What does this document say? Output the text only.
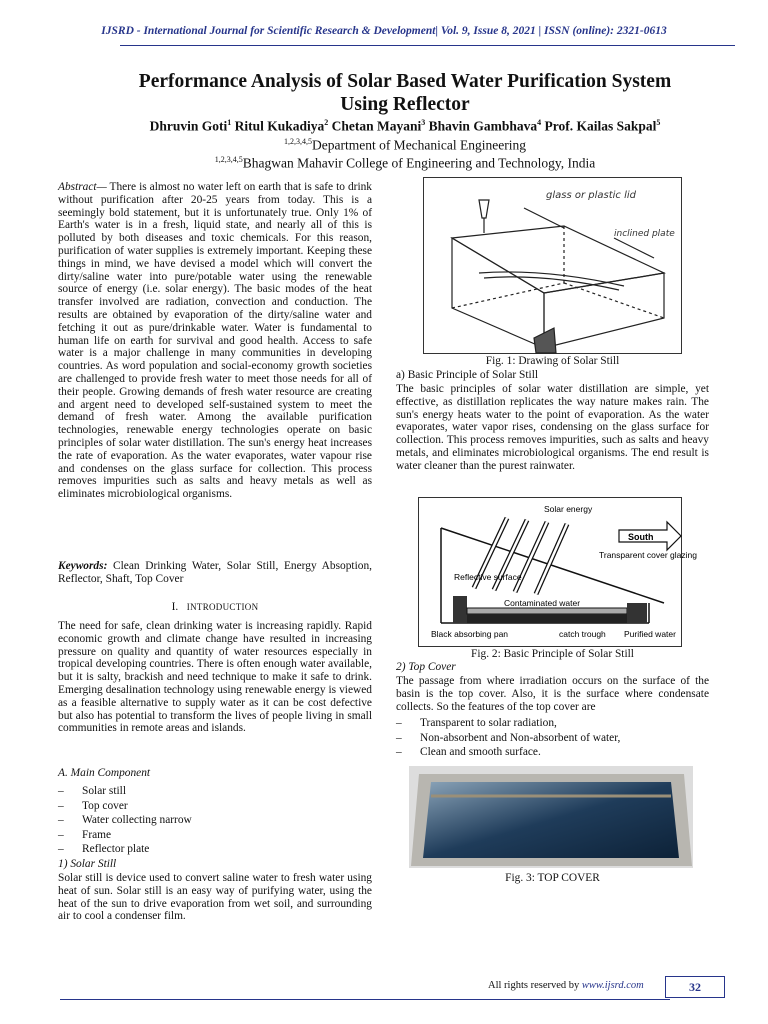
IJSRD - International Journal for Scientific Research & Development| Vol. 9, Issue 8, 2021 | ISSN (online): 2321-0613
Performance Analysis of Solar Based Water Purification System
Using Reflector
Dhruvin Goti$^1$ Ritul Kukadiya$^2$ Chetan Mayani$^3$ Bhavin Gambhava$^4$ Prof. Kailas Sakpal$^5$
$^{1,2,3,4,5}$Department of Mechanical Engineering
$^{1,2,3,4,5}$Bhagwan Mahavir College of Engineering and Technology, India
Abstract— There is almost no water left on earth that is safe to drink without purification after 20-25 years from today. This is a seemingly bold statement, but it is unfortunately true. Only 1% of Earth's water is in a fresh, liquid state, and nearly all of this is polluted by both diseases and toxic chemicals. For this reason, purification of water supplies is extremely important. Keeping these things in mind, we have devised a model which will convert the dirty/saline water into pure/potable water using the renewable source of energy (i.e. solar energy). The basic modes of the heat transfer involved are radiation, convection and conduction. The results are obtained by evaporation of the dirty/saline water and fetching it out as pure/drinkable water. Water is fundamental to human life on earth for survival and good health. Access to safe water is a major challenge in many communities in developing countries. As word population and social-economy growth societies are challenged to provide fresh water to meet those needs for all of their people. Growing demands of fresh water resource are creating and argent need to developed self-sustained system to meet the demand of fresh water. Among the available purification technologies, renewable energy technologies operate on basic principles of solar water distillation. The sun's energy heat increases the rate of evaporation. As the water evaporates, water vapour rise and condenses on the glass surface for collection. This process removes impurities such as salts and heavy metals as well as eliminates microbiological organisms.
Keywords: Clean Drinking Water, Solar Still, Energy Absoption, Reflector, Shaft, Top Cover
I. INTRODUCTION
The need for safe, clean drinking water is increasing rapidly. Rapid economic growth and climate change have resulted in increasing pressure on quality and quantity of water resources especially in tropical developing countries. There is often enough water available, but it is salty, brackish and need technique to make it safe to drink. Emerging desalination technology using renewable energy is viewed as a feasible alternative to supply water as it can be cost defective but also has potential to transform the lives of people living in small communities in remote areas and islands.
A. Main Component
– Solar still
– Top cover
– Water collecting narrow
– Frame
– Reflector plate
1) Solar Still
Solar still is device used to convert saline water to fresh water using heat of sun. Solar still is an easy way of purifying water, using the heat of the sun to drive evaporation from wet soil, and surrounding air to cool a condenser film.
glass or plastic lid
inclined plate
Fig. 1: Drawing of Solar Still
a) Basic Principle of Solar Still
The basic principles of solar water distillation are simple, yet effective, as distillation replicates the way nature makes rain. The sun's energy heats water to the point of evaporation. As the water evaporates, water vapor rises, condensing on the glass surface for collection. This process removes impurities, such as salts and heavy metals, and eliminates microbiological organisms. The end result is water cleaner than the purest rainwater.
Solar energy
South
Transparent cover glazing
Reflective surface
Contaminated water
Black absorbing pan	catch trough Purified water
Fig. 2: Basic Principle of Solar Still
2) Top Cover
The passage from where irradiation occurs on the surface of the basin is the top cover. Also, it is the surface where condensate collects. So the features of the top cover are
– Transparent to solar radiation,
– Non-absorbent and Non-absorbent of water,
– Clean and smooth surface.
Fig. 3: TOP COVER
All rights reserved by www.ijsrd.com	32
